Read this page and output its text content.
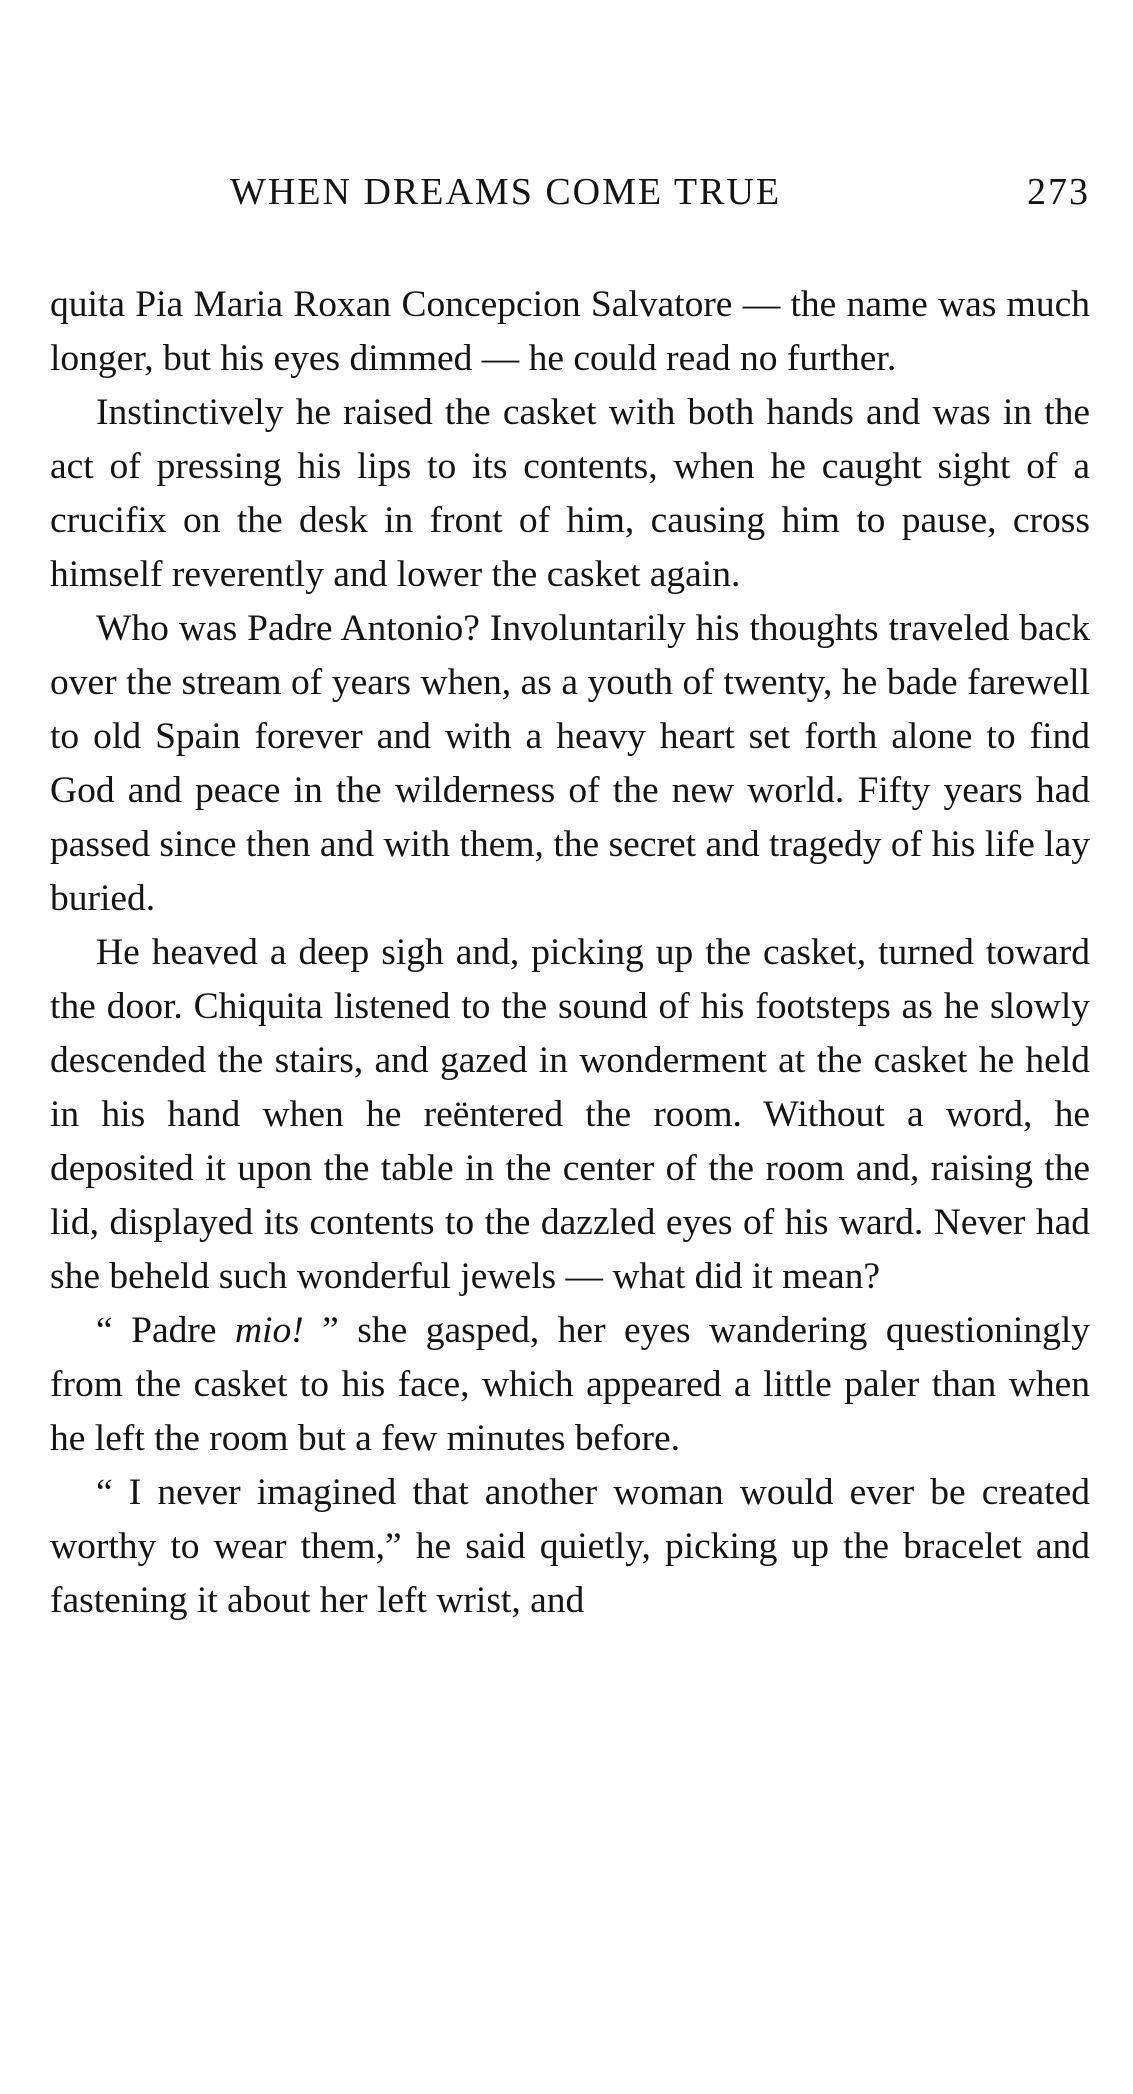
WHEN DREAMS COME TRUE	273

quita Pia Maria Roxan Concepcion Salvatore — the name was much longer, but his eyes dimmed — he could read no further.

Instinctively he raised the casket with both hands and was in the act of pressing his lips to its contents, when he caught sight of a crucifix on the desk in front of him, causing him to pause, cross himself reverently and lower the casket again.

Who was Padre Antonio? Involuntarily his thoughts traveled back over the stream of years when, as a youth of twenty, he bade farewell to old Spain forever and with a heavy heart set forth alone to find God and peace in the wilderness of the new world. Fifty years had passed since then and with them, the secret and tragedy of his life lay buried.

He heaved a deep sigh and, picking up the casket, turned toward the door. Chiquita listened to the sound of his footsteps as he slowly descended the stairs, and gazed in wonderment at the casket he held in his hand when he reëntered the room. Without a word, he deposited it upon the table in the center of the room and, raising the lid, displayed its contents to the dazzled eyes of his ward. Never had she beheld such wonderful jewels — what did it mean?

“ Padre mio! ” she gasped, her eyes wandering questioningly from the casket to his face, which appeared a little paler than when he left the room but a few minutes before.

“ I never imagined that another woman would ever be created worthy to wear them,” he said quietly, picking up the bracelet and fastening it about her left wrist, and
